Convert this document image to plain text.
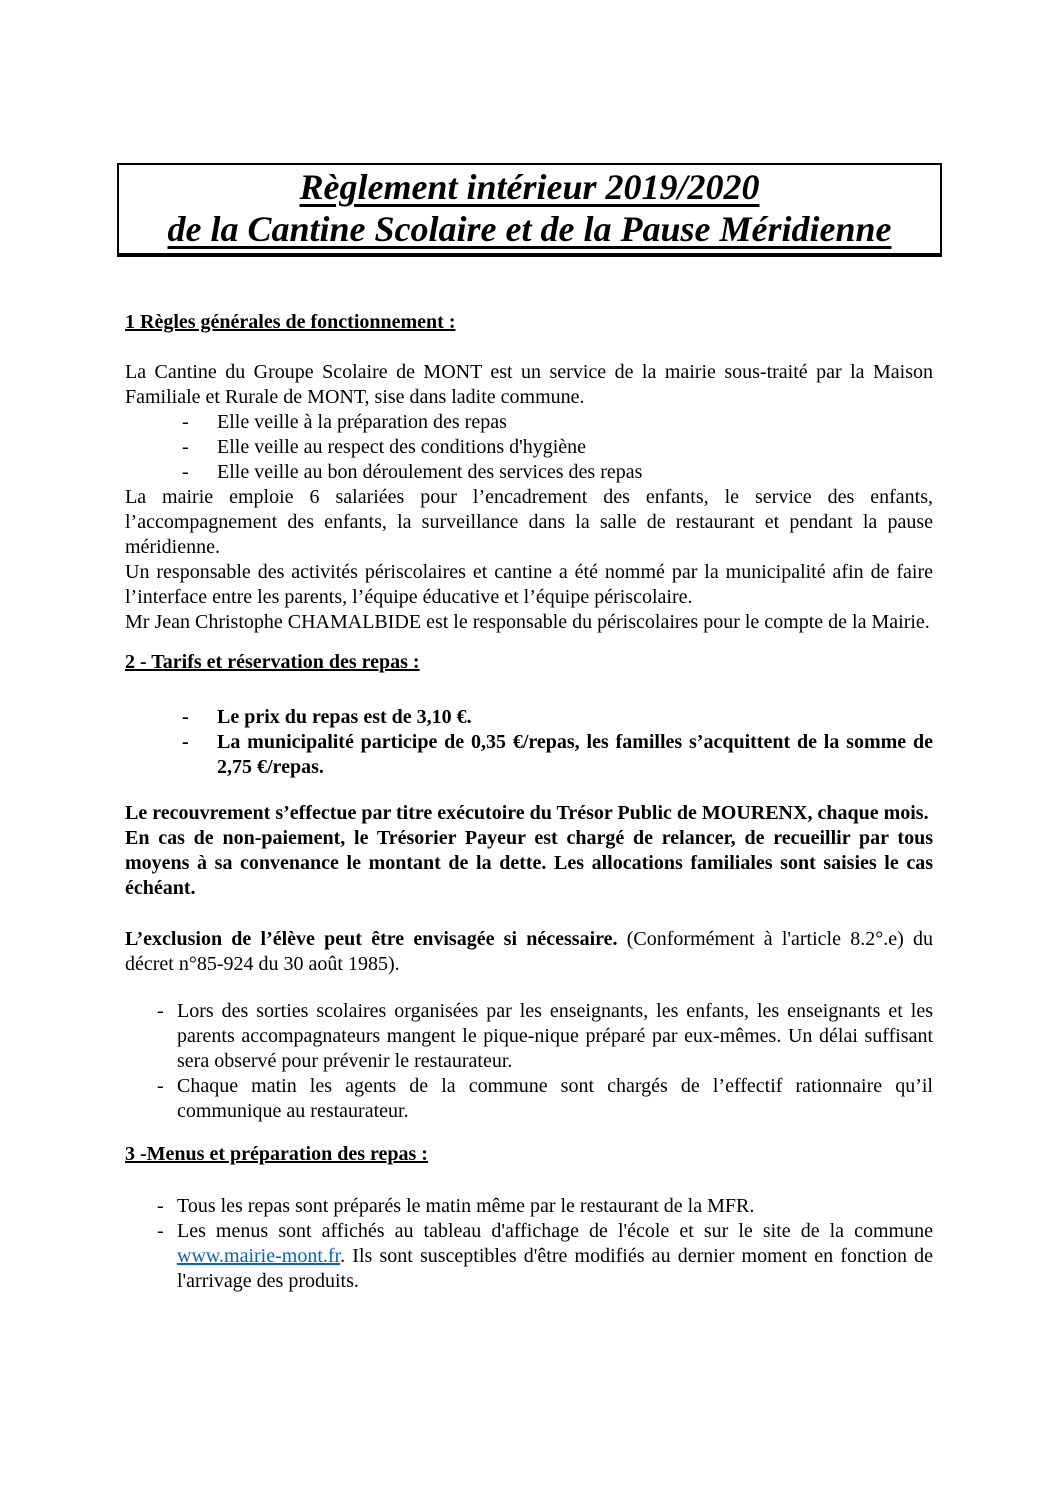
Règlement intérieur 2019/2020
de la Cantine Scolaire et de la Pause Méridienne
1 Règles générales de fonctionnement :

La Cantine du Groupe Scolaire de MONT est un service de la mairie sous-traité par la Maison Familiale et Rurale de MONT, sise dans ladite commune.

- Elle veille à la préparation des repas
- Elle veille au respect des conditions d'hygiène
- Elle veille au bon déroulement des services des repas

La mairie emploie 6 salariées pour l’encadrement des enfants, le service des enfants, l’accompagnement des enfants, la surveillance dans la salle de restaurant et pendant la pause méridienne.

Un responsable des activités périscolaires et cantine a été nommé par la municipalité afin de faire l’interface entre les parents, l’équipe éducative et l’équipe périscolaire.

Mr Jean Christophe CHAMALBIDE est le responsable du périscolaires pour le compte de la Mairie.

2 - Tarifs et réservation des repas :
- Le prix du repas est de 3,10 €.
- La municipalité participe de 0,35 €/repas, les familles s’acquittent de la somme de 2,75 €/repas.

Le recouvrement s’effectue par titre exécutoire du Trésor Public de MOURENX, chaque mois.

En cas de non-paiement, le Trésorier Payeur est chargé de relancer, de recueillir par tous moyens à sa convenance le montant de la dette. Les allocations familiales sont saisies le cas échéant.

L’exclusion de l’élève peut être envisagée si nécessaire. (Conformément à l'article 8.2°.e) du décret n°85-924 du 30 août 1985).

- Lors des sorties scolaires organisées par les enseignants, les enfants, les enseignants et les parents accompagnateurs mangent le pique-nique préparé par eux-mêmes. Un délai suffisant sera observé pour prévenir le restaurateur.
- Chaque matin les agents de la commune sont chargés de l’effectif rationnaire qu’il communique au restaurateur.
3 -Menus et préparation des repas :
- Tous les repas sont préparés le matin même par le restaurant de la MFR.
- Les menus sont affichés au tableau d'affichage de l'école et sur le site de la commune www.mairie-mont.fr. Ils sont susceptibles d'être modifiés au dernier moment en fonction de l'arrivage des produits.
